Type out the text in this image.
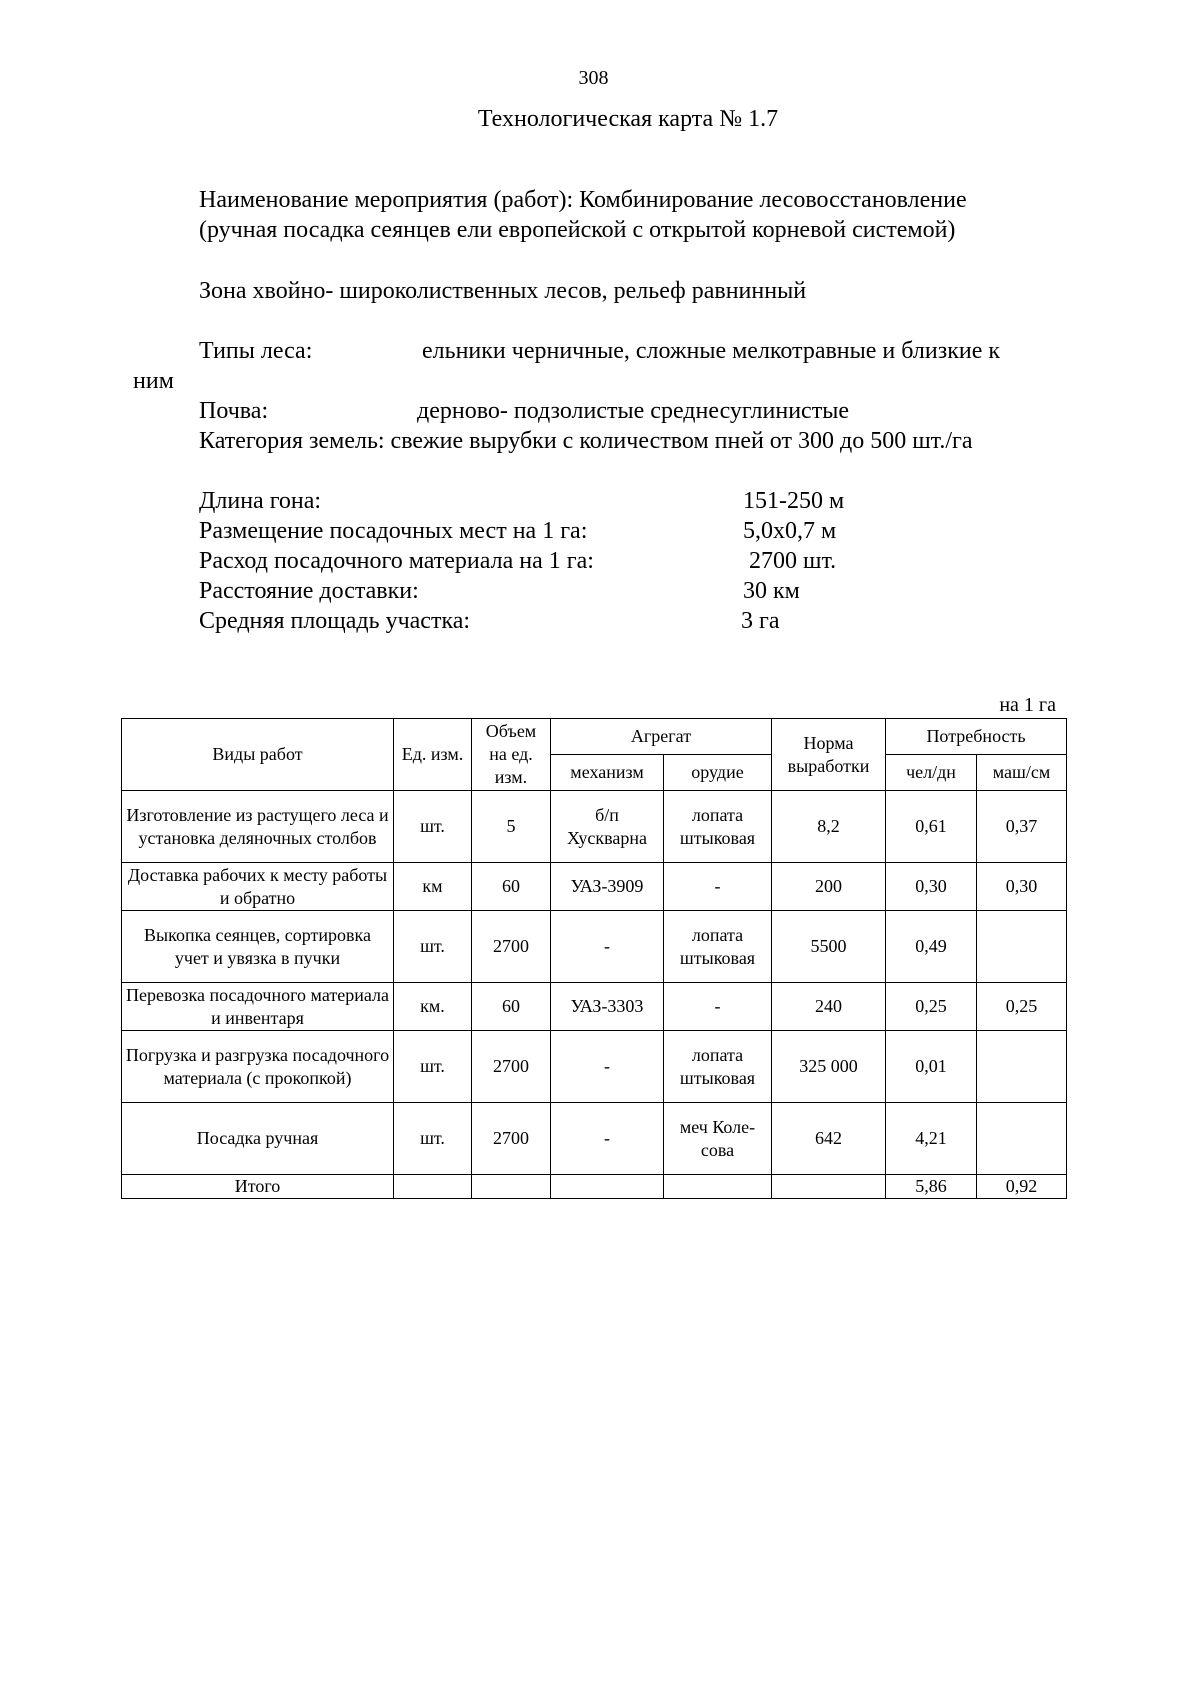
308
Технологическая карта № 1.7
Наименование мероприятия (работ): Комбинирование лесовосстановление
(ручная посадка сеянцев ели европейской с открытой корневой системой)
Зона хвойно- широколиственных лесов, рельеф равнинный
Типы леса:	ельники черничные, сложные мелкотравные и близкие к
ним
Почва:	дерново- подзолистые среднесуглинистые
Категория земель: свежие вырубки с количеством пней от 300 до 500 шт./га
Длина гона:	151-250 м
Размещение посадочных мест на 1 га:	5,0х0,7 м
Расход посадочного материала на 1 га:	2700 шт.
Расстояние доставки:	30 км
Средняя площадь участка:	3 га
на 1 га
Виды работ	Ед. изм.	Объем на ед. изм.	Агрегат		Норма выработки	Потребность	
			механизм	орудие		чел/дн	маш/см
Изготовление из растущего леса и установка деляночных столбов	шт.	5	б/п Хускварна	лопата штыковая	8,2	0,61	0,37
Доставка рабочих к месту работы и обратно	км	60	УАЗ-3909	-	200	0,30	0,30
Выкопка сеянцев, сортировка учет и увязка в пучки	шт.	2700	-	лопата штыковая	5500	0,49	
Перевозка посадочного материала и инвентаря	км.	60	УАЗ-3303	-	240	0,25	0,25
Погрузка и разгрузка посадочного материала (с прокопкой)	шт.	2700	-	лопата штыковая	325 000	0,01	
Посадка ручная	шт.	2700	-	меч Коле-сова	642	4,21	
Итого						5,86	0,92
